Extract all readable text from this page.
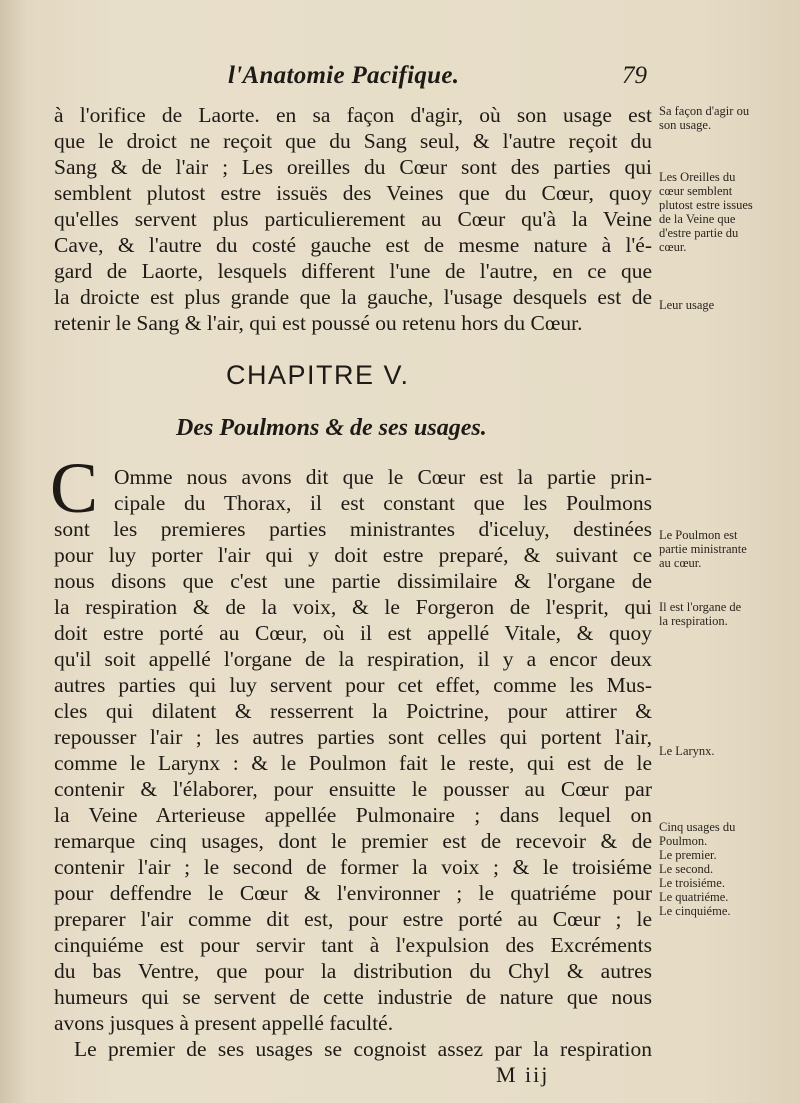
l'Anatomie Pacifique.	79
à l'orifice de Laorte. en sa façon d'agir, où son usage est
que le droict ne reçoit que du Sang seul, & l'autre reçoit du
Sang & de l'air ; Les oreilles du Cœur sont des parties qui
semblent plutost estre issuës des Veines que du Cœur, quoy
qu'elles servent plus particulierement au Cœur qu'à la Veine
Cave, & l'autre du costé gauche est de mesme nature à l'é-
gard de Laorte, lesquels different l'une de l'autre, en ce que
la droicte est plus grande que la gauche, l'usage desquels est de
retenir le Sang & l'air, qui est poussé ou retenu hors du Cœur.
CHAPITRE V.
Des Poulmons & de ses usages.
C Omme nous avons dit que le Cœur est la partie prin-
cipale du Thorax, il est constant que les Poulmons
sont les premieres parties ministrantes d'iceluy, destinées
pour luy porter l'air qui y doit estre preparé, & suivant ce
nous disons que c'est une partie dissimilaire & l'organe de
la respiration & de la voix, & le Forgeron de l'esprit, qui
doit estre porté au Cœur, où il est appellé Vitale, & quoy
qu'il soit appellé l'organe de la respiration, il y a encor deux
autres parties qui luy servent pour cet effet, comme les Mus-
cles qui dilatent & resserrent la Poictrine, pour attirer &
repousser l'air ; les autres parties sont celles qui portent l'air,
comme le Larynx : & le Poulmon fait le reste, qui est de le
contenir & l'élaborer, pour ensuitte le pousser au Cœur par
la Veine Arterieuse appellée Pulmonaire ; dans lequel on
remarque cinq usages, dont le premier est de recevoir & de
contenir l'air ; le second de former la voix ; & le troisiéme
pour deffendre le Cœur & l'environner ; le quatriéme pour
preparer l'air comme dit est, pour estre porté au Cœur ; le
cinquiéme est pour servir tant à l'expulsion des Excréments
du bas Ventre, que pour la distribution du Chyl & autres
humeurs qui se servent de cette industrie de nature que nous
avons jusques à present appellé faculté.
Le premier de ses usages se cognoist assez par la respiration
M iij
Sa façon d'agir ou
son usage.
Les Oreilles du
cœur semblent
plutost estre issues
de la Veine que
d'estre partie du
cœur.
Leur usage
Le Poulmon est
partie ministrante
au cœur.
Il est l'organe de
la respiration.
Le Larynx.
Cinq usages du
Poulmon.
Le premier.
Le second.
Le troisiéme.
Le quatriéme.
Le cinquiéme.
